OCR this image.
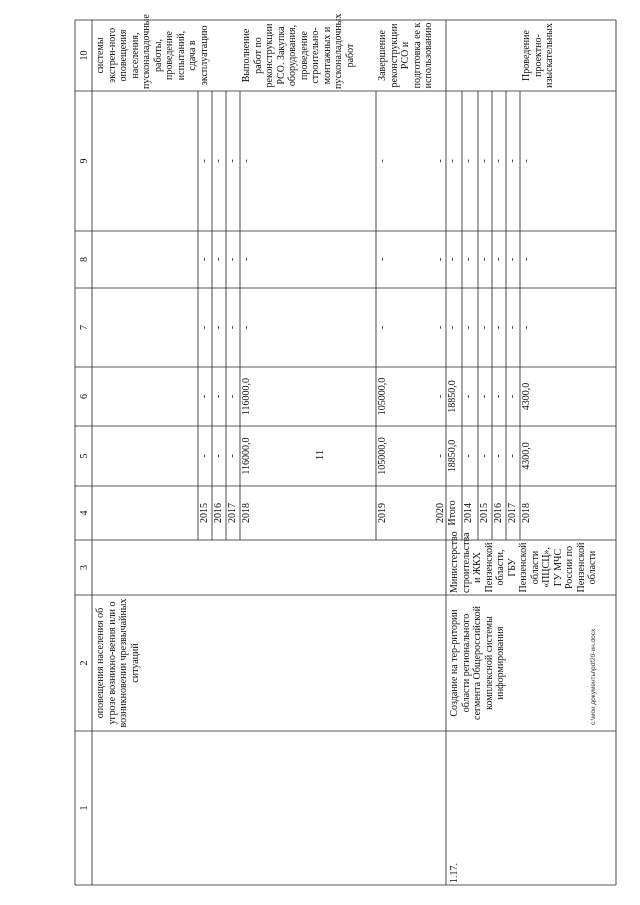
11
c:\мои документы\pdf20-ин.docx
1
2
3
4
5
6
7
8
9
10
оповещения населения об угрозе возникно-вения или о возникновении чрезвычайных ситуаций
системы экстрен-ного оповещения населения, пусконаладочные работы, проведение испытаний, сдача в эксплуатацию
2015
-
-
-
-
-
2016
-
-
-
-
-
2017
-
-
-
-
-
2018
116000,0
116000,0
-
-
-
Выполнение работ по реконструкции РСО. Закупка оборудования, проведение строительно-монтажных и пусконаладочных работ
2019
105000,0
105000,0
-
-
-
Завершение реконструкции РСО и подготовка ее к использованию
2020
-
-
-
-
-
1.17.
Создание на тер-ритории области регионального сегмента Общероссийской комплексной системы информирования
Министерство строительства и ЖКХ Пензенской области, ГБУ Пензенской области «ПЦСЦ», ГУ МЧС России по Пензенской области
Итого
18850,0
18850,0
-
-
-
2014
-
-
-
-
-
2015
-
-
-
-
-
2016
-
-
-
-
-
2017
-
-
-
-
-
2018
4300,0
4300,0
-
-
-
Проведение проектно-изыскательных
